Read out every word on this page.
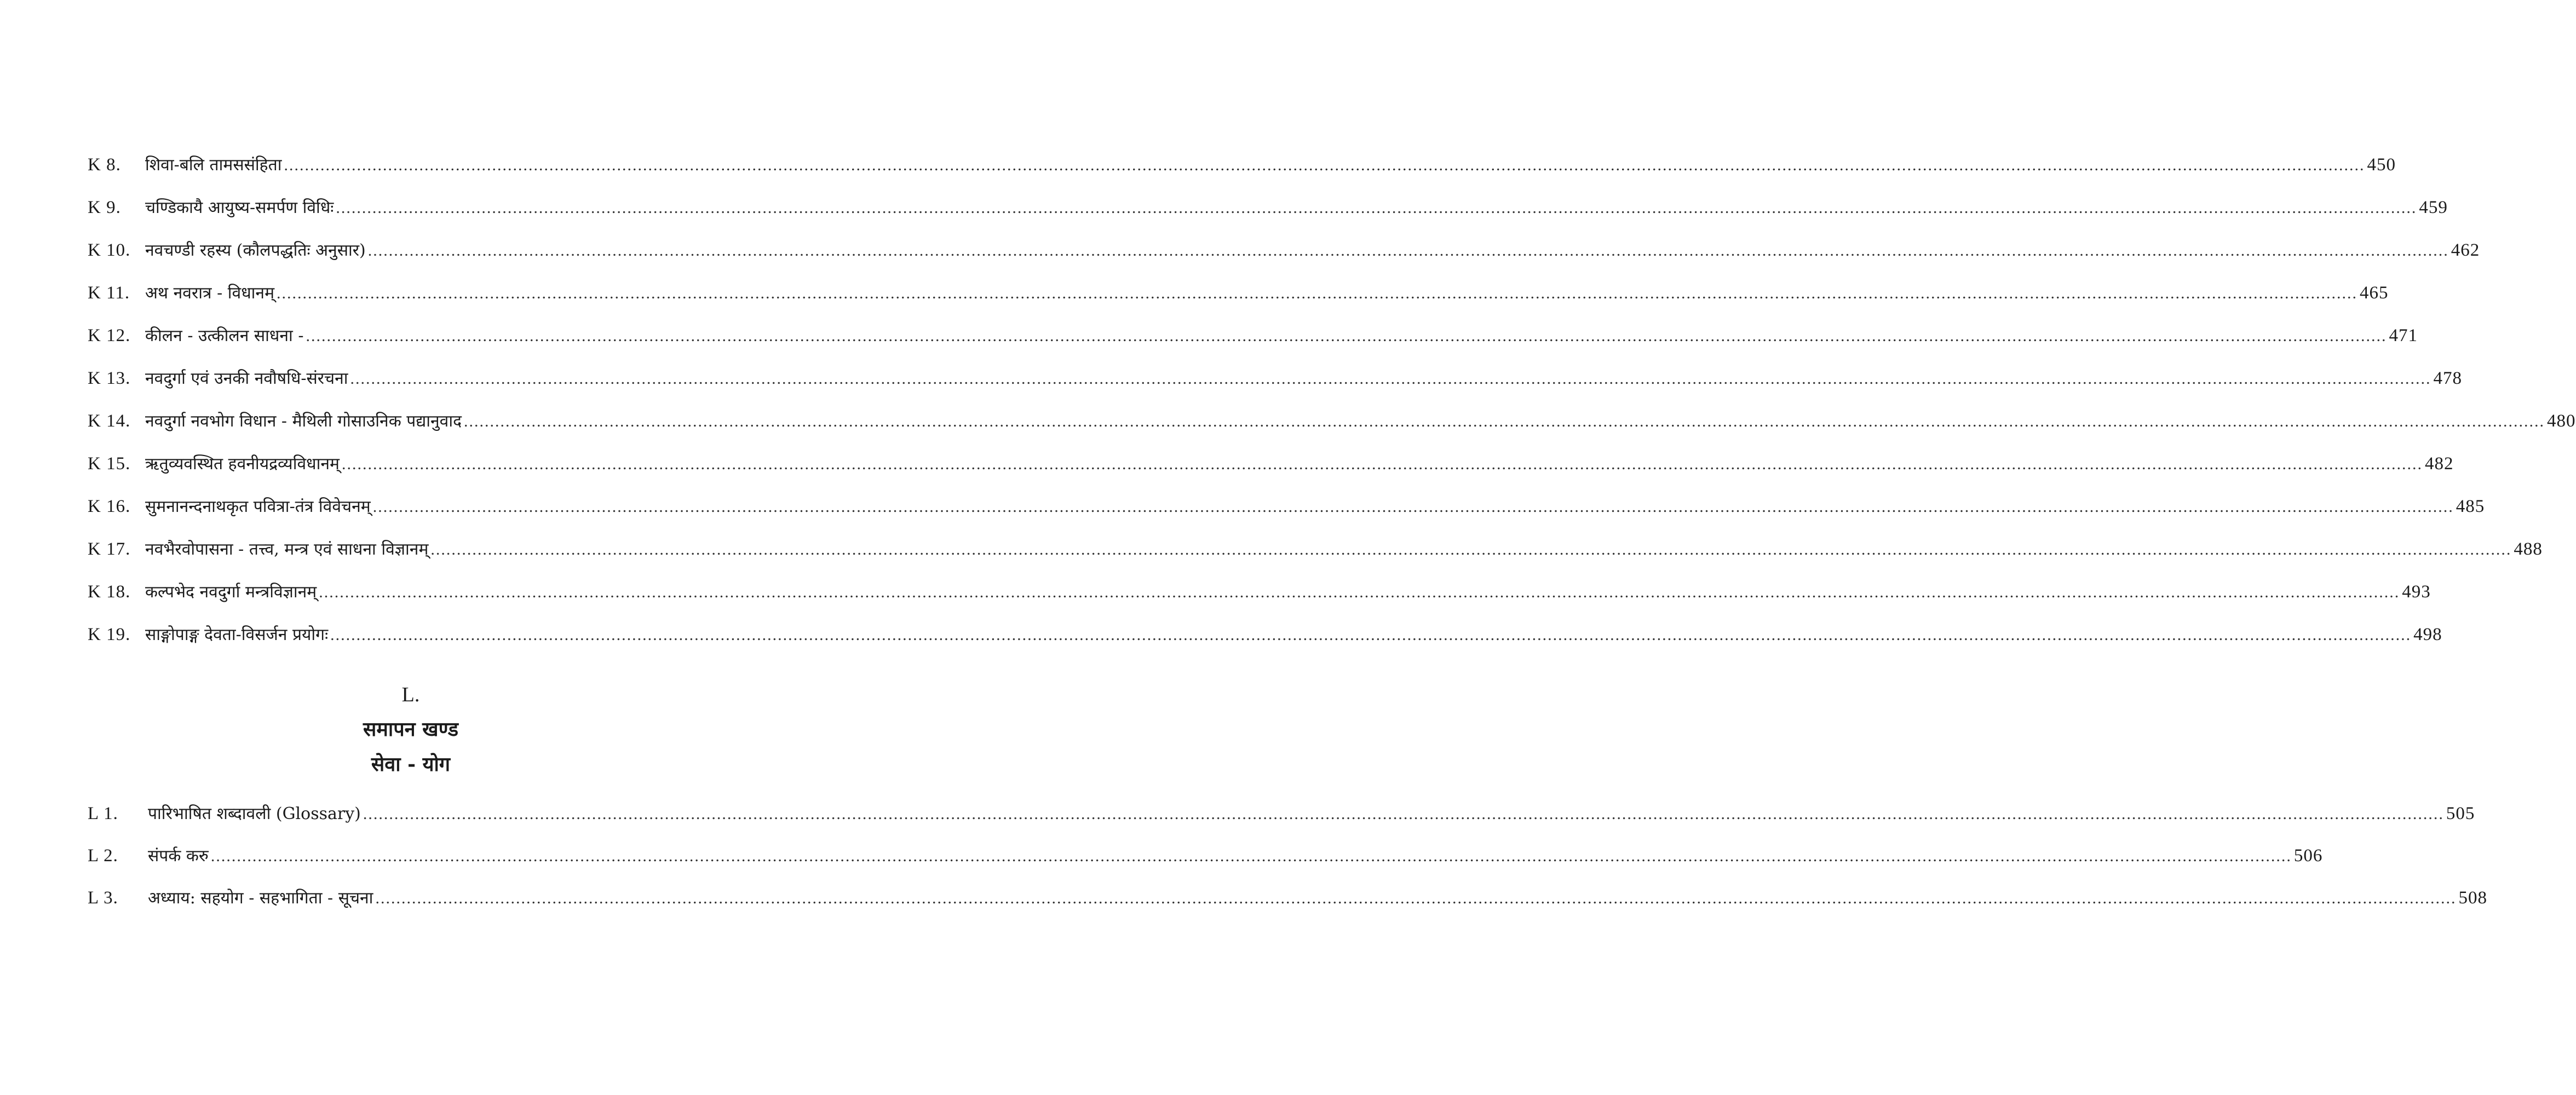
K 8.	शिवा-बलि तामससंहिता ................................................................................................................................................................................................................................................................................................................................................................................................................ 450
K 9.	चण्डिकायै आयुष्य-समर्पण विधिः ................................................................................................................................................................................................................................................................................................................................................................................................................ 459
K 10. नवचण्डी रहस्य (कौलपद्धतिः अनुसार) ................................................................................................................................................................................................................................................................................................................................................................................................................ 462
K 11. अथ नवरात्र - विधानम् ................................................................................................................................................................................................................................................................................................................................................................................................................ 465
K 12. कीलन - उत्कीलन साधना - ................................................................................................................................................................................................................................................................................................................................................................................................................ 471
K 13. नवदुर्गा एवं उनकी नवौषधि-संरचना ................................................................................................................................................................................................................................................................................................................................................................................................................ 478
K 14. नवदुर्गा नवभोग विधान - मैथिली गोसाउनिक पद्यानुवाद ................................................................................................................................................................................................................................................................................................................................................................................................................ 480
K 15. ऋतुव्यवस्थित हवनीयद्रव्यविधानम् ................................................................................................................................................................................................................................................................................................................................................................................................................ 482
K 16. सुमनानन्दनाथकृत पवित्रा-तंत्र विवेचनम् ................................................................................................................................................................................................................................................................................................................................................................................................................ 485
K 17. नवभैरवोपासना - तत्त्व, मन्त्र एवं साधना विज्ञानम् ................................................................................................................................................................................................................................................................................................................................................................................................................ 488
K 18. कल्पभेद नवदुर्गा मन्त्रविज्ञानम् ................................................................................................................................................................................................................................................................................................................................................................................................................ 493
K 19. साङ्गोपाङ्ग देवता-विसर्जन प्रयोगः ................................................................................................................................................................................................................................................................................................................................................................................................................ 498
L.
समापन खण्ड
सेवा - योग
L 1.	पारिभाषित शब्दावली (Glossary) ................................................................................................................................................................................................................................................................................................................................................................................................................ 505
L 2.	संपर्क करु ................................................................................................................................................................................................................................................................................................................................................................................................................ 506
L 3.	अध्याय: सहयोग - सहभागिता - सूचना ................................................................................................................................................................................................................................................................................................................................................................................................................ 508
